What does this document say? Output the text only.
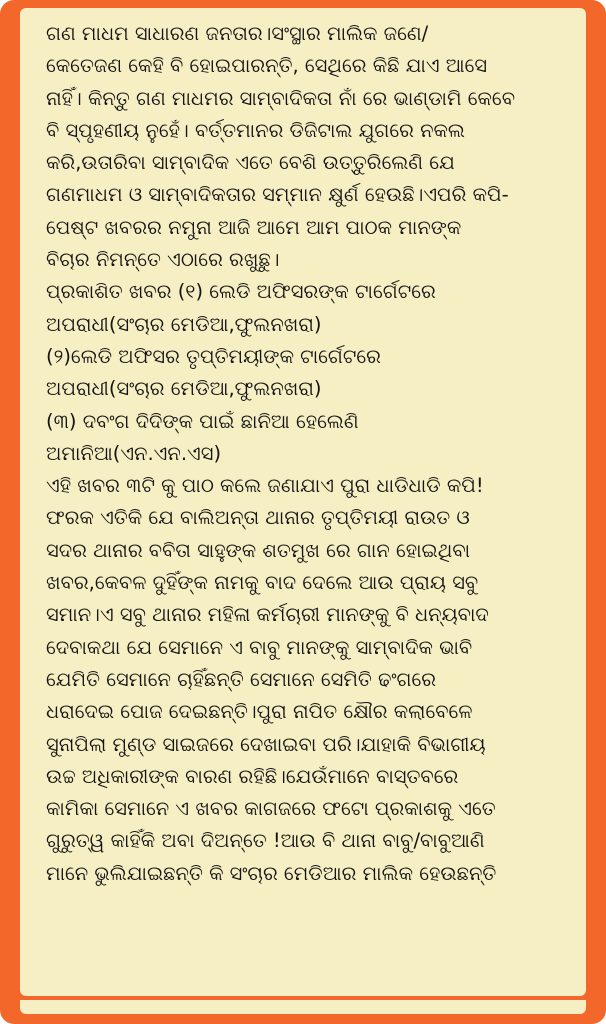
ଗଣ ମାଧମ ସାଧାରଣ ଜନତାର।ସଂସ୍ଥାର ମାଲିକ ଜଣେ/
କେତେଜଣ କେହି ବି ହୋଇପାରନ୍ତି, ସେଥିରେ କିଛି ଯାଏ ଆସେ
ନାହିଁ। କିନ୍ତୁ ଗଣ ମାଧମର ସାମ୍ବାଦିକତା ନାଁ ରେ ଭାଣ୍ଡାମି କେବେ
ବି ସ୍ପୃହଣୀୟ ନୁହେଁ। ବର୍ତ୍ତମାନର ଡିଜିଟାଲ ଯୁଗରେ ନକଲ
କରି,ଉତାରିବା ସାମ୍ବାଦିକ ଏତେ ବେଶି ଉତ୍ତୁରିଲେଣି ଯେ
ଗଣମାଧମ ଓ ସାମ୍ବାଦିକତାର ସମ୍ମାନ କ୍ଷୁର୍ଣ ହେଉଛି।ଏପରି କପି-
ପେଷ୍ଟ ଖବରର ନମୁନା ଆଜି ଆମେ ଆମ ପାଠକ ମାନଙ୍କ
ବିଚାର ନିମନ୍ତେ ଏଠାରେ ରଖୁଛୁ।
ପ୍ରକାଶିତ ଖବର (୧) ଲେଡି ଅଫିସରଙ୍କ ଟାର୍ଗେଟରେ
ଅପରାଧୀ(ସଂଚାର ମେଡିଆ,ଫୁଲନଖରା)
(୨)ଲେଡି ଅଫିସର ତୃପ୍ତିମୟୀଙ୍କ ଟାର୍ଗେଟରେ
ଅପରାଧୀ(ସଂଚାର ମେଡିଆ,ଫୁଲନଖରା)
(୩) ଦବଂଗ ଦିଦିଙ୍କ ପାଇଁ ଛାନିଆ ହେଲେଣି
ଅମାନିଆ(ଏନ.ଏନ.ଏସ)
ଏହି ଖବର ୩ଟି କୁ ପାଠ କଲେ ଜଣାଯାଏ ପୁରା ଧାଡିଧାଡି କପି!
ଫରକ ଏତିକି ଯେ ବାଲିଅନ୍ତା ଥାନାର ତୃପ୍ତିମୟୀ ରାଉତ ଓ
ସଦର ଥାନାର ବବିତା ସାହୁଙ୍କ ଶତମୁଖ ରେ ଗାନ ହୋଇଥିବା
ଖବର,କେବଳ ଦୁହିଁଙ୍କ ନାମକୁ ବାଦ ଦେଲେ ଆଉ ପ୍ରାୟ ସବୁ
ସମାନ।ଏ ସବୁ ଥାନାର ମହିଳା କର୍ମଚାରୀ ମାନଙ୍କୁ ବି ଧନ୍ୟବାଦ
ଦେବାକଥା ଯେ ସେମାନେ ଏ ବାବୁ ମାନଙ୍କୁ ସାମ୍ବାଦିକ ଭାବି
ଯେମିତି ସେମାନେ ଚାହିଁଛନ୍ତି ସେମାନେ ସେମିତି ଢଂଗରେ
ଧରାଦେଇ ପୋଜ ଦେଇଛନ୍ତି।ପୁରା ନାପିତ କ୍ଷୌର କଲାବେଳେ
ସୁନାପିଲା ମୁଣ୍ଡ ସାଇଜରେ ଦେଖାଇବା ପରି।ଯାହାକି ବିଭାଗୀୟ
ଉଚ୍ଚ ଅଧିକାରୀଙ୍କ ବାରଣ ରହିଛି।ଯେଉଁମାନେ ବାସ୍ତବରେ
କାମିକା ସେମାନେ ଏ ଖବର କାଗଜରେ ଫଟୋ ପ୍ରକାଶକୁ ଏତେ
ଗୁରୁତ୍ୱ କାହିଁକି ଅବା ଦିଅନ୍ତେ !ଆଉ ବି ଥାନା ବାବୁ/ବାବୁଆଣି
ମାନେ ଭୁଲିଯାଇଛନ୍ତି କି ସଂଚାର ମେଡିଆର ମାଲିକ ହେଉଛନ୍ତି
